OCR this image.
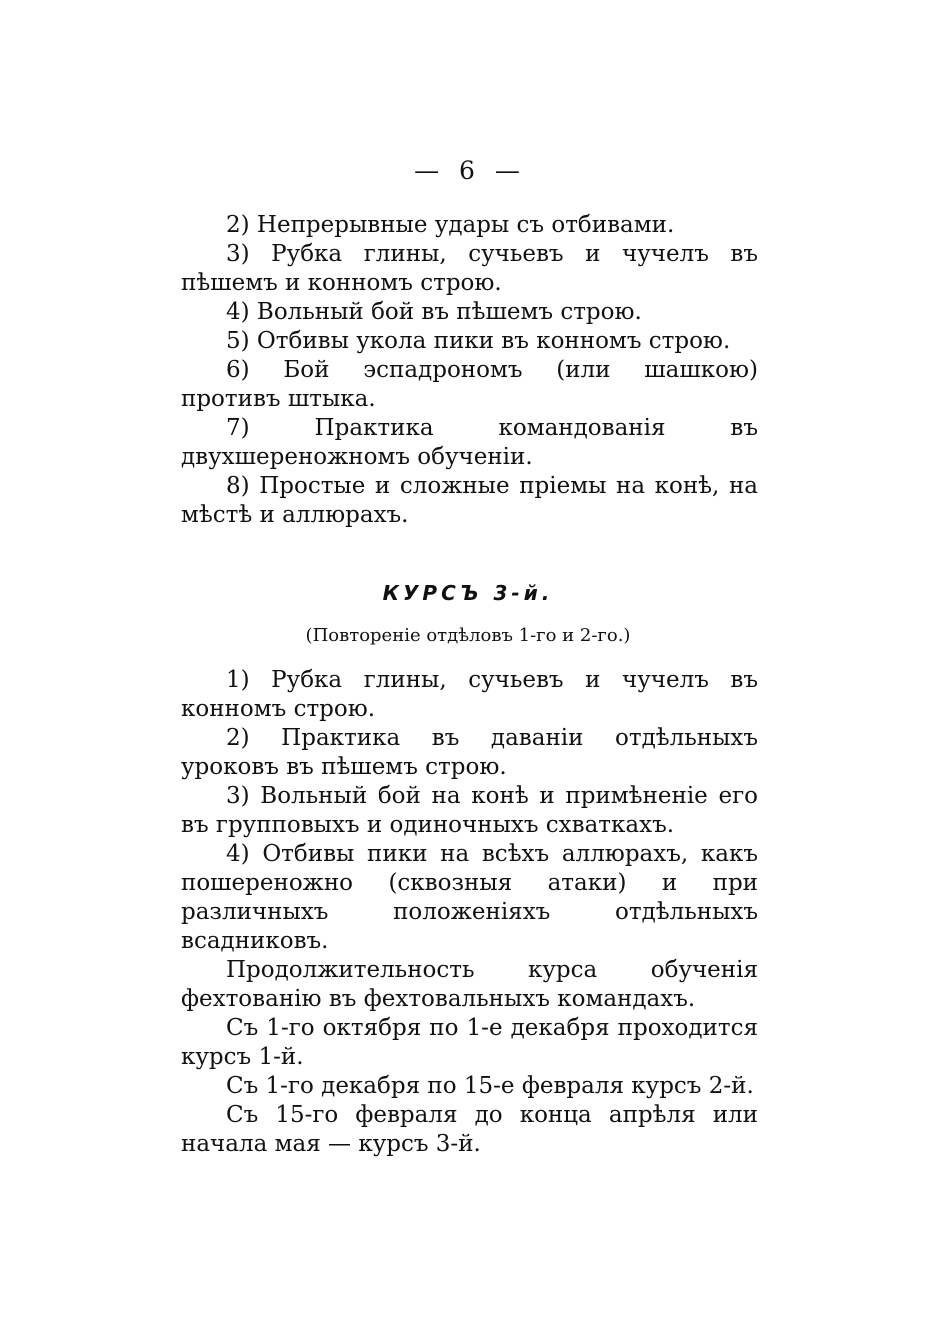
— 6 —

2) Непрерывные удары съ отбивами.

3) Рубка глины, сучьевъ и чучелъ въ пѣшемъ и конномъ строю.

4) Вольный бой въ пѣшемъ строю.

5) Отбивы укола пики въ конномъ строю.

6) Бой эспадрономъ (или шашкою) противъ штыка.

7) Практика командованія въ двухшереножномъ обученіи.

8) Простые и сложные пріемы на конѣ, на мѣстѣ и аллюрахъ.

КУРСЪ 3-й.

(Повтореніе отдѣловъ 1-го и 2-го.)

1) Рубка глины, сучьевъ и чучелъ въ конномъ строю.

2) Практика въ даваніи отдѣльныхъ уроковъ въ пѣшемъ строю.

3) Вольный бой на конѣ и примѣненіе его въ групповыхъ и одиночныхъ схваткахъ.

4) Отбивы пики на всѣхъ аллюрахъ, какъ пошереножно (сквозныя атаки) и при различныхъ положеніяхъ отдѣльныхъ всадниковъ.

Продолжительность курса обученія фехтованію въ фехтовальныхъ командахъ.

Съ 1-го октября по 1-е декабря проходится курсъ 1-й.

Съ 1-го декабря по 15-е февраля курсъ 2-й.

Съ 15-го февраля до конца апрѣля или начала мая — курсъ 3-й.
